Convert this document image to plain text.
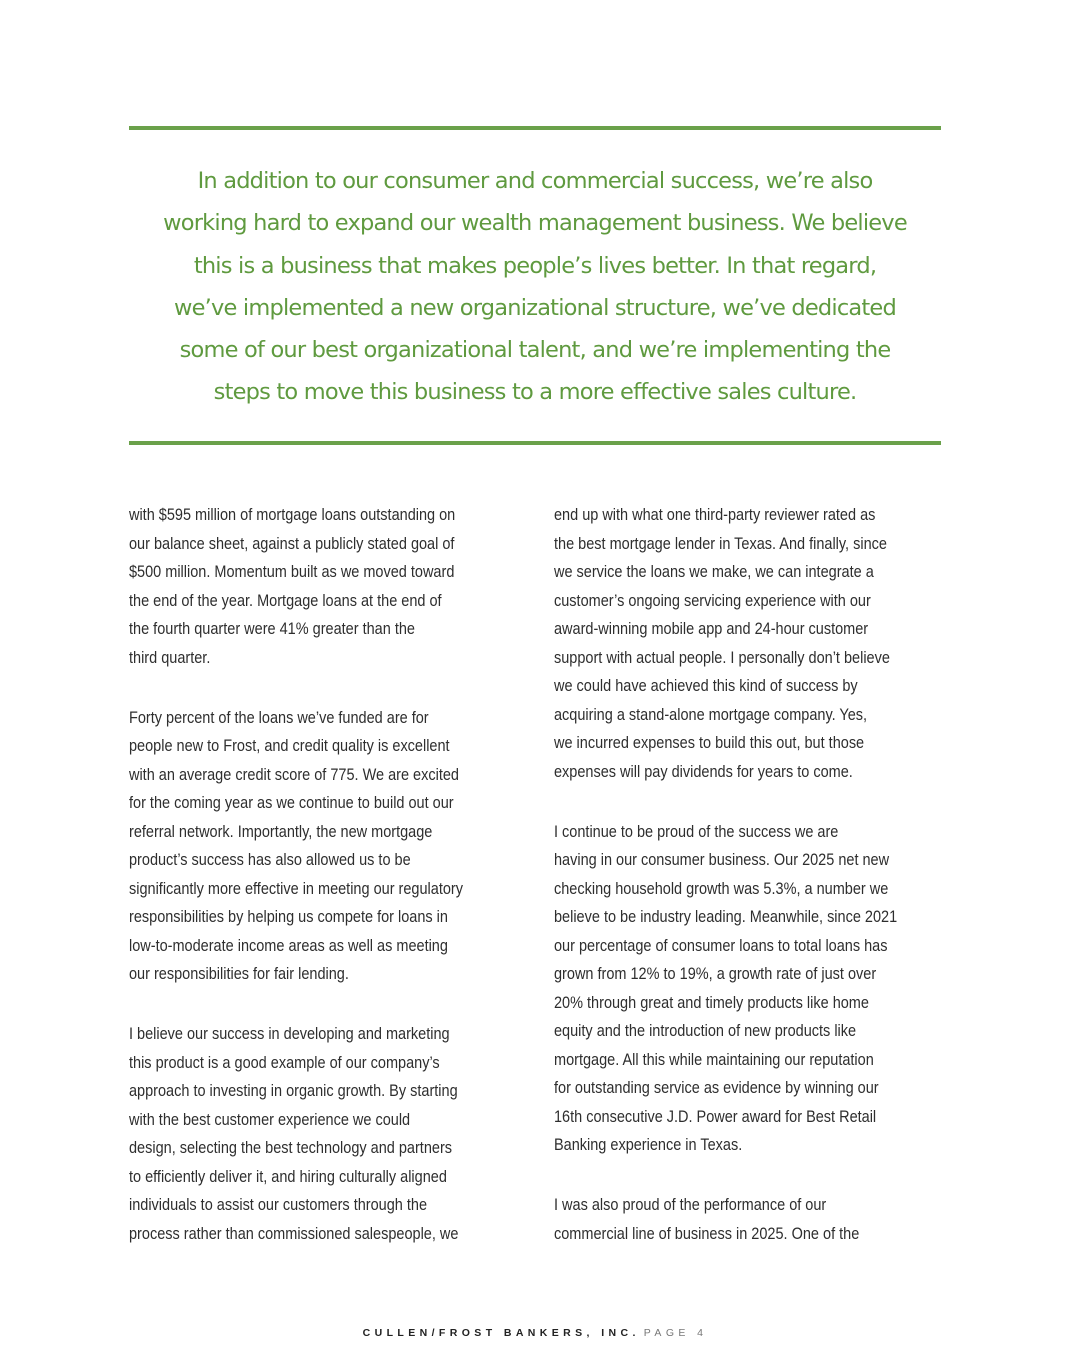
In addition to our consumer and commercial success, we’re also
working hard to expand our wealth management business. We believe
this is a business that makes people’s lives better. In that regard,
we’ve implemented a new organizational structure, we’ve dedicated
some of our best organizational talent, and we’re implementing the
steps to move this business to a more effective sales culture.

with $595 million of mortgage loans outstanding on
our balance sheet, against a publicly stated goal of
$500 million. Momentum built as we moved toward
the end of the year. Mortgage loans at the end of
the fourth quarter were 41% greater than the
third quarter.

Forty percent of the loans we’ve funded are for
people new to Frost, and credit quality is excellent
with an average credit score of 775. We are excited
for the coming year as we continue to build out our
referral network. Importantly, the new mortgage
product’s success has also allowed us to be
significantly more effective in meeting our regulatory
responsibilities by helping us compete for loans in
low-to-moderate income areas as well as meeting
our responsibilities for fair lending.

I believe our success in developing and marketing
this product is a good example of our company’s
approach to investing in organic growth. By starting
with the best customer experience we could
design, selecting the best technology and partners
to efficiently deliver it, and hiring culturally aligned
individuals to assist our customers through the
process rather than commissioned salespeople, we

end up with what one third-party reviewer rated as
the best mortgage lender in Texas. And finally, since
we service the loans we make, we can integrate a
customer’s ongoing servicing experience with our
award-winning mobile app and 24-hour customer
support with actual people. I personally don’t believe
we could have achieved this kind of success by
acquiring a stand-alone mortgage company. Yes,
we incurred expenses to build this out, but those
expenses will pay dividends for years to come.

I continue to be proud of the success we are
having in our consumer business. Our 2025 net new
checking household growth was 5.3%, a number we
believe to be industry leading. Meanwhile, since 2021
our percentage of consumer loans to total loans has
grown from 12% to 19%, a growth rate of just over
20% through great and timely products like home
equity and the introduction of new products like
mortgage. All this while maintaining our reputation
for outstanding service as evidence by winning our
16th consecutive J.D. Power award for Best Retail
Banking experience in Texas.

I was also proud of the performance of our
commercial line of business in 2025. One of the

CULLEN/FROST BANKERS, INC. PAGE 4
